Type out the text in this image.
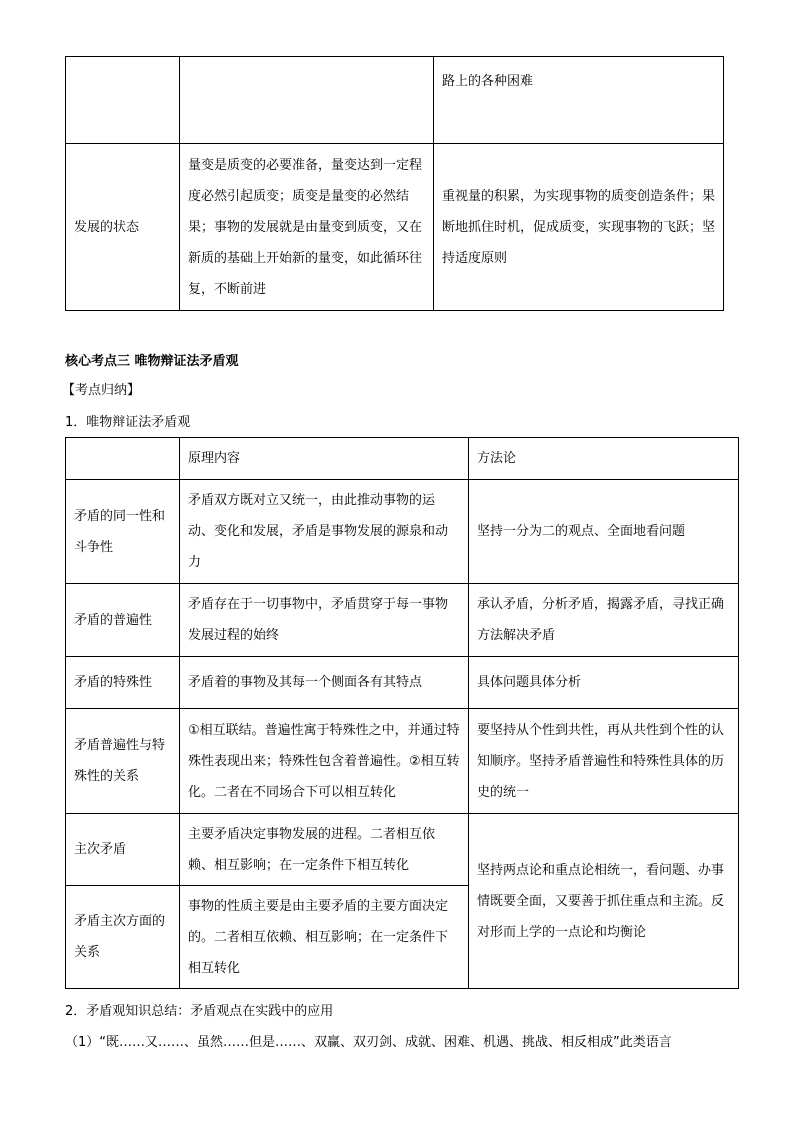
		路上的各种困难
发展的状态	量变是质变的必要准备，量变达到一定程度必然引起质变；质变是量变的必然结果；事物的发展就是由量变到质变，又在新质的基础上开始新的量变，如此循环往复，不断前进	重视量的积累，为实现事物的质变创造条件；果断地抓住时机，促成质变，实现事物的飞跃；坚持适度原则
核心考点三 唯物辩证法矛盾观
【考点归纳】
1．唯物辩证法矛盾观
	原理内容	方法论
矛盾的同一性和斗争性	矛盾双方既对立又统一，由此推动事物的运动、变化和发展，矛盾是事物发展的源泉和动力	坚持一分为二的观点、全面地看问题
矛盾的普遍性	矛盾存在于一切事物中，矛盾贯穿于每一事物发展过程的始终	承认矛盾，分析矛盾，揭露矛盾，寻找正确方法解决矛盾
矛盾的特殊性	矛盾着的事物及其每一个侧面各有其特点	具体问题具体分析
矛盾普遍性与特殊性的关系	①相互联结。普遍性寓于特殊性之中，并通过特殊性表现出来；特殊性包含着普遍性。②相互转化。二者在不同场合下可以相互转化	要坚持从个性到共性，再从共性到个性的认知顺序。坚持矛盾普遍性和特殊性具体的历史的统一
主次矛盾	主要矛盾决定事物发展的进程。二者相互依赖、相互影响；在一定条件下相互转化	坚持两点论和重点论相统一，看问题、办事情既要全面，又要善于抓住重点和主流。反对形而上学的一点论和均衡论
矛盾主次方面的关系	事物的性质主要是由主要矛盾的主要方面决定的。二者相互依赖、相互影响；在一定条件下相互转化	
2．矛盾观知识总结：矛盾观点在实践中的应用
（1）“既……又……、虽然……但是……、双赢、双刃剑、成就、困难、机遇、挑战、相反相成”此类语言
